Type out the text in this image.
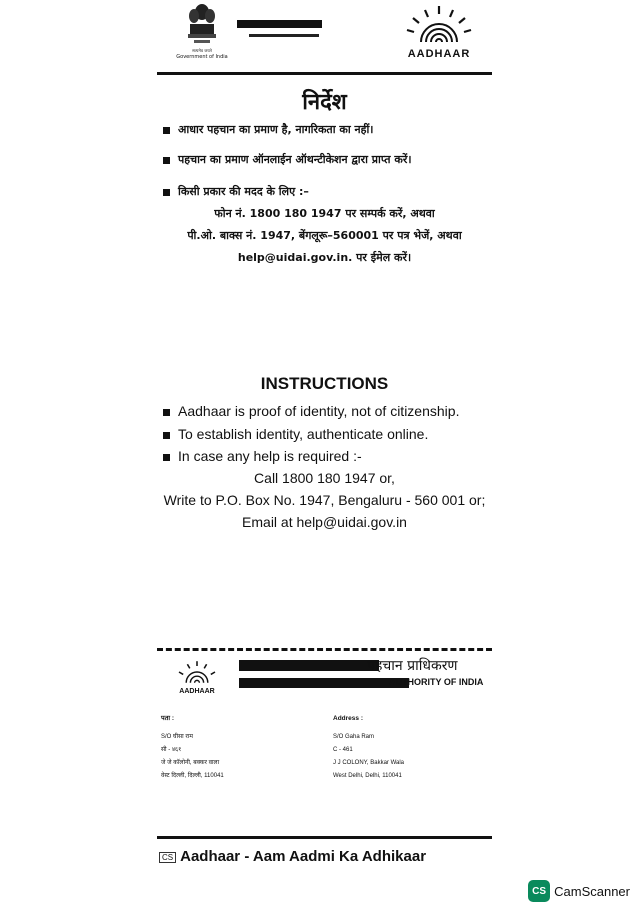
सत्यमेव जयते
Government of India	AADHAAR
निर्देश
आधार पहचान का प्रमाण है, नागरिकता का नहीं।
पहचान का प्रमाण ऑनलाईन ऑथन्टीकेशन द्वारा प्राप्त करें।
किसी प्रकार की मदद के लिए :–
फोन नं. 1800 180 1947 पर सम्पर्क करें, अथवा
पी.ओ. बाक्स नं. 1947, बेंगलूरू–560001 पर पत्र भेजें, अथवा
help@uidai.gov.in. पर ईमेल करें।
INSTRUCTIONS
Aadhaar is proof of identity, not of citizenship.
To establish identity, authenticate online.
In case any help is required :-
Call 1800 180 1947 or,
Write to P.O. Box No. 1947, Bengaluru - 560 001 or;
Email at help@uidai.gov.in
AADHAAR
पहचान प्राधिकरण
AUTHORITY OF INDIA
पता :
S/O घीसा राम
सी - ४६१
जे जे कॉलोनी, बक्कर वाला
वेस्ट दिल्ली, दिल्ली, 110041
Address :
S/O Gaha Ram
C - 461
J J COLONY, Bakkar Wala
West Delhi, Delhi, 110041
CS Aadhaar - Aam Aadmi Ka Adhikaar
CS CamScanner
